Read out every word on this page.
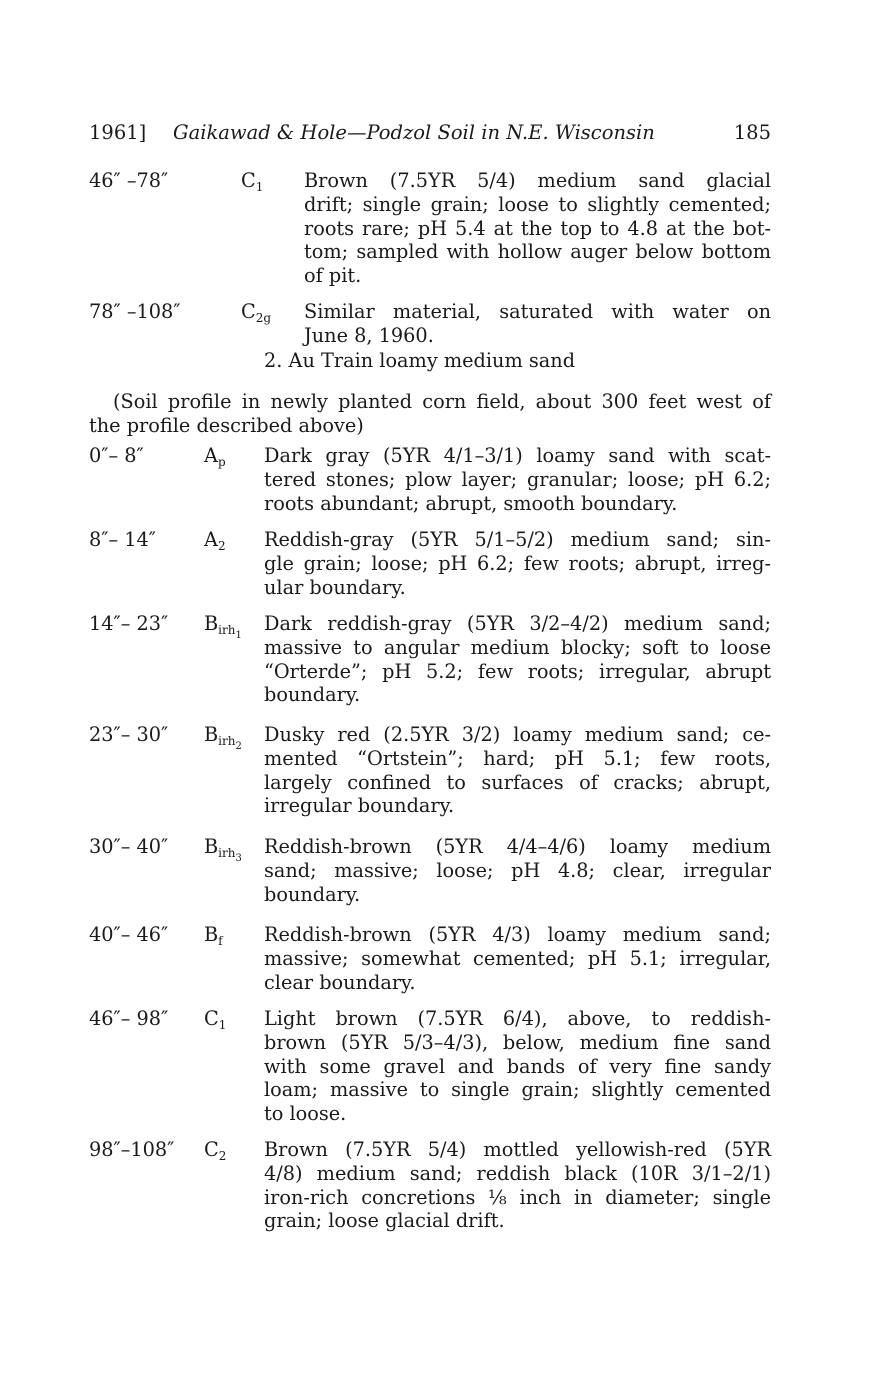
1961] Gaikawad & Hole—Podzol Soil in N.E. Wisconsin	185
46″ –78″	$C_1$ Brown (7.5YR 5/4) medium sand glacial
drift; single grain; loose to slightly cemented;
roots rare; pH 5.4 at the top to 4.8 at the bot-
tom; sampled with hollow auger below bottom
of pit.
78″ –108″	$C_{2g}$ Similar material, saturated with water on
June 8, 1960.
2. Au Train loamy medium sand
(Soil profile in newly planted corn field, about 300 feet west of
the profile described above)
0″– 8″	$A_p$ Dark gray (5YR 4/1–3/1) loamy sand with scat-
tered stones; plow layer; granular; loose; pH 6.2;
roots abundant; abrupt, smooth boundary.
8″– 14″ $A_2$ Reddish-gray (5YR 5/1–5/2) medium sand; sin-
gle grain; loose; pH 6.2; few roots; abrupt, irreg-
ular boundary.
14″– 23″ $B_{irh_1}$
Dark reddish-gray (5YR 3/2–4/2) medium sand;
massive to angular medium blocky; soft to loose
“Orterde”; pH 5.2; few roots; irregular, abrupt
boundary.
23″– 30″ $B_{irh_2}$
Dusky red (2.5YR 3/2) loamy medium sand; ce-
mented “Ortstein”; hard; pH 5.1; few roots,
largely confined to surfaces of cracks; abrupt,
irregular boundary.
30″– 40″ $B_{irh_3}$
Reddish-brown (5YR 4/4–4/6) loamy medium
sand; massive; loose; pH 4.8; clear, irregular
boundary.
40″– 46″ $B_f$ Reddish-brown (5YR 4/3) loamy medium sand;
massive; somewhat cemented; pH 5.1; irregular,
clear boundary.
46″– 98″ $C_1$ Light brown (7.5YR 6/4), above, to reddish-
brown (5YR 5/3–4/3), below, medium fine sand
with some gravel and bands of very fine sandy
loam; massive to single grain; slightly cemented
to loose.
98″–108″ $C_2$ Brown (7.5YR 5/4) mottled yellowish-red (5YR
4/8) medium sand; reddish black (10R 3/1–2/1)
iron-rich concretions ⅛ inch in diameter; single
grain; loose glacial drift.
